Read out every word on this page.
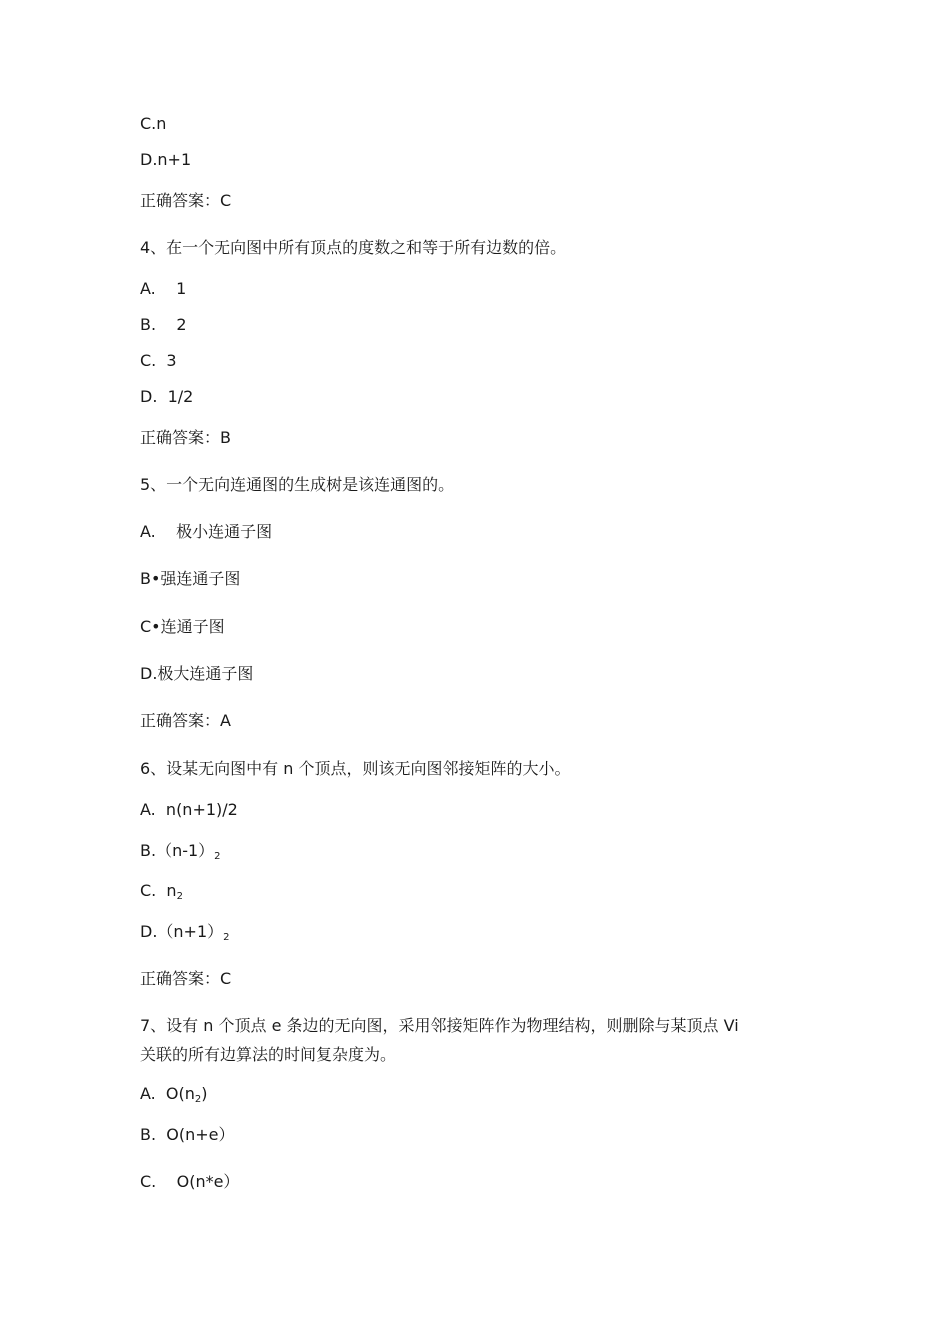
C.n

D.n+1

正确答案：C

4、在一个无向图中所有顶点的度数之和等于所有边数的倍。

A.    1

B.    2

C.  3

D.  1/2

正确答案：B

5、一个无向连通图的生成树是该连通图的。

A.    极小连通子图

B•强连通子图

C•连通子图

D.极大连通子图

正确答案：A

6、设某无向图中有 n 个顶点，则该无向图邻接矩阵的大小。

A.  n(n+1)/2

$B.(n-1)_2$

C.  $n_2$

$D.(n+1)_2$

正确答案：C

7、设有 n 个顶点 e 条边的无向图，采用邻接矩阵作为物理结构，则删除与某顶点 Vi

关联的所有边算法的时间复杂度为。

A.  $O(n_2)$

B.  O(n+e）

C.    O(n*e）
